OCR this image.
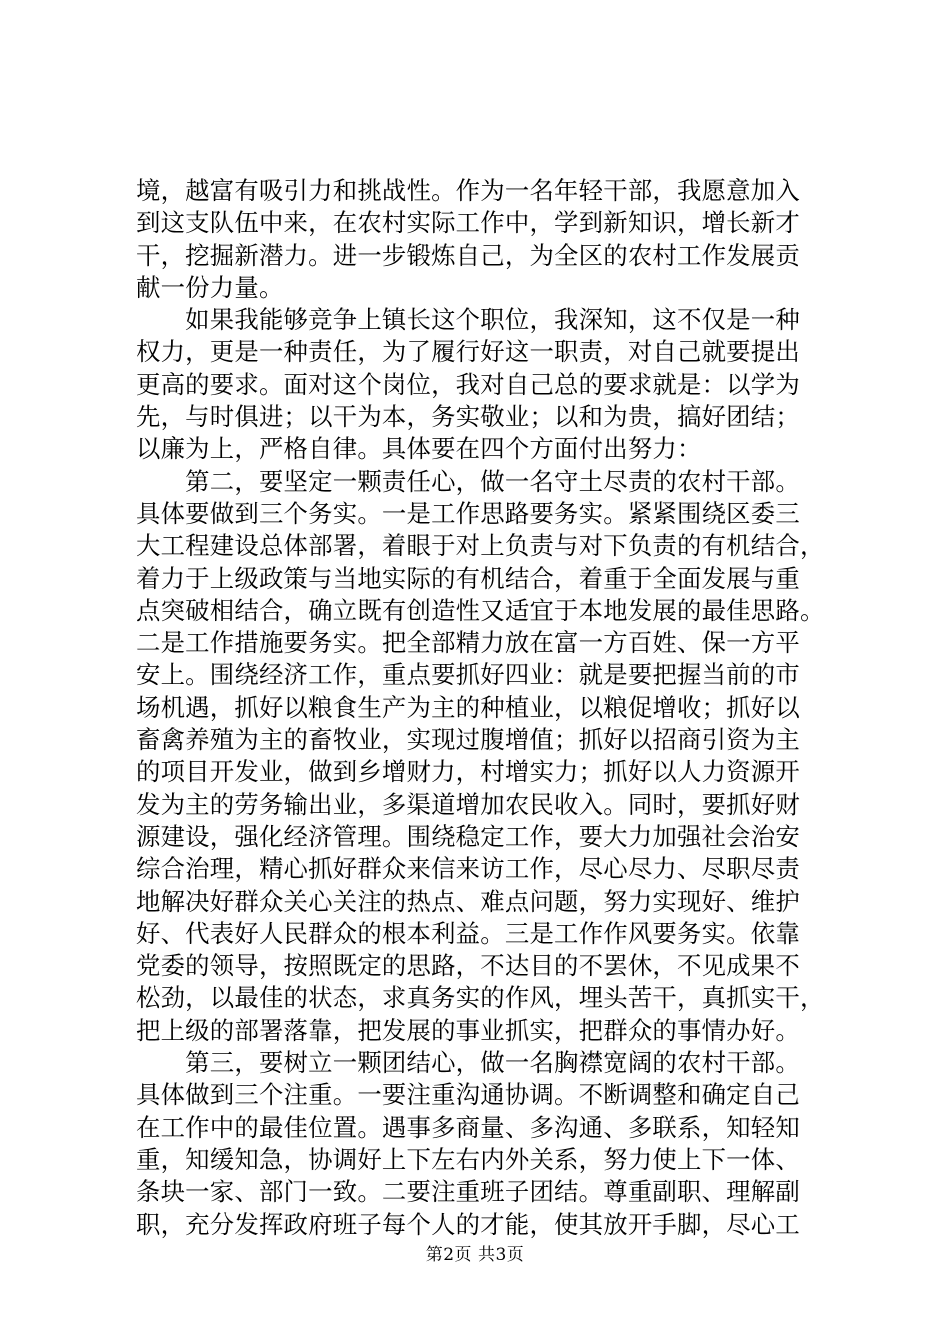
境，越富有吸引力和挑战性。作为一名年轻干部，我愿意加入
到这支队伍中来，在农村实际工作中，学到新知识，增长新才
干，挖掘新潜力。进一步锻炼自己，为全区的农村工作发展贡
献一份力量。
　　如果我能够竞争上镇长这个职位，我深知，这不仅是一种
权力，更是一种责任，为了履行好这一职责，对自己就要提出
更高的要求。面对这个岗位，我对自己总的要求就是：以学为
先，与时俱进；以干为本，务实敬业；以和为贵，搞好团结；
以廉为上，严格自律。具体要在四个方面付出努力：
　　第二，要坚定一颗责任心，做一名守土尽责的农村干部。
具体要做到三个务实。一是工作思路要务实。紧紧围绕区委三
大工程建设总体部署，着眼于对上负责与对下负责的有机结合，
着力于上级政策与当地实际的有机结合，着重于全面发展与重
点突破相结合，确立既有创造性又适宜于本地发展的最佳思路。
二是工作措施要务实。把全部精力放在富一方百姓、保一方平
安上。围绕经济工作，重点要抓好四业：就是要把握当前的市
场机遇，抓好以粮食生产为主的种植业，以粮促增收；抓好以
畜禽养殖为主的畜牧业，实现过腹增值；抓好以招商引资为主
的项目开发业，做到乡增财力，村增实力；抓好以人力资源开
发为主的劳务输出业，多渠道增加农民收入。同时，要抓好财
源建设，强化经济管理。围绕稳定工作，要大力加强社会治安
综合治理，精心抓好群众来信来访工作，尽心尽力、尽职尽责
地解决好群众关心关注的热点、难点问题，努力实现好、维护
好、代表好人民群众的根本利益。三是工作作风要务实。依靠
党委的领导，按照既定的思路，不达目的不罢休，不见成果不
松劲，以最佳的状态，求真务实的作风，埋头苦干，真抓实干，
把上级的部署落靠，把发展的事业抓实，把群众的事情办好。
　　第三，要树立一颗团结心，做一名胸襟宽阔的农村干部。
具体做到三个注重。一要注重沟通协调。不断调整和确定自己
在工作中的最佳位置。遇事多商量、多沟通、多联系，知轻知
重，知缓知急，协调好上下左右内外关系，努力使上下一体、
条块一家、部门一致。二要注重班子团结。尊重副职、理解副
职，充分发挥政府班子每个人的才能，使其放开手脚，尽心工
第2页 共3页
